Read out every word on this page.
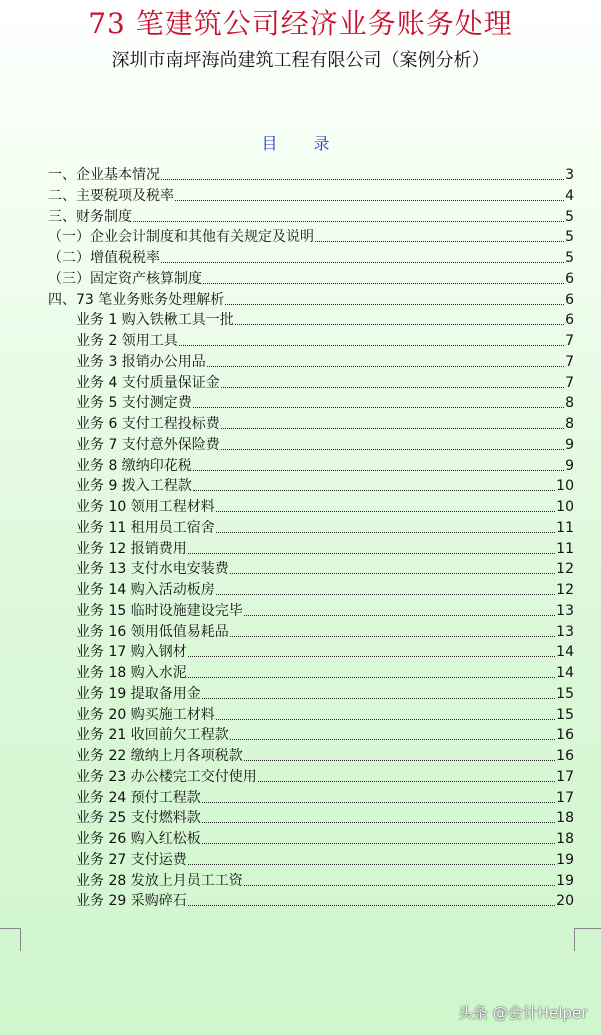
73 笔建筑公司经济业务账务处理
深圳市南坪海尚建筑工程有限公司（案例分析）
目　录
一、企业基本情况	3
二、主要税项及税率	4
三、财务制度	5
（一）企业会计制度和其他有关规定及说明	5
（二）增值税税率	5
（三）固定资产核算制度	6
四、73 笔业务账务处理解析	6
业务 1 购入铁楸工具一批	6
业务 2 领用工具	7
业务 3 报销办公用品	7
业务 4 支付质量保证金	7
业务 5 支付测定费	8
业务 6 支付工程投标费	8
业务 7 支付意外保险费	9
业务 8 缴纳印花税	9
业务 9 拨入工程款	10
业务 10 领用工程材料	10
业务 11 租用员工宿舍	11
业务 12 报销费用	11
业务 13 支付水电安装费	12
业务 14 购入活动板房	12
业务 15 临时设施建设完毕	13
业务 16 领用低值易耗品	13
业务 17 购入钢材	14
业务 18 购入水泥	14
业务 19 提取备用金	15
业务 20 购买施工材料	15
业务 21 收回前欠工程款	16
业务 22 缴纳上月各项税款	16
业务 23 办公楼完工交付使用	17
业务 24 预付工程款	17
业务 25 支付燃料款	18
业务 26 购入红松板	18
业务 27 支付运费	19
业务 28 发放上月员工工资	19
业务 29 采购碎石	20
头条 @会计Helper
